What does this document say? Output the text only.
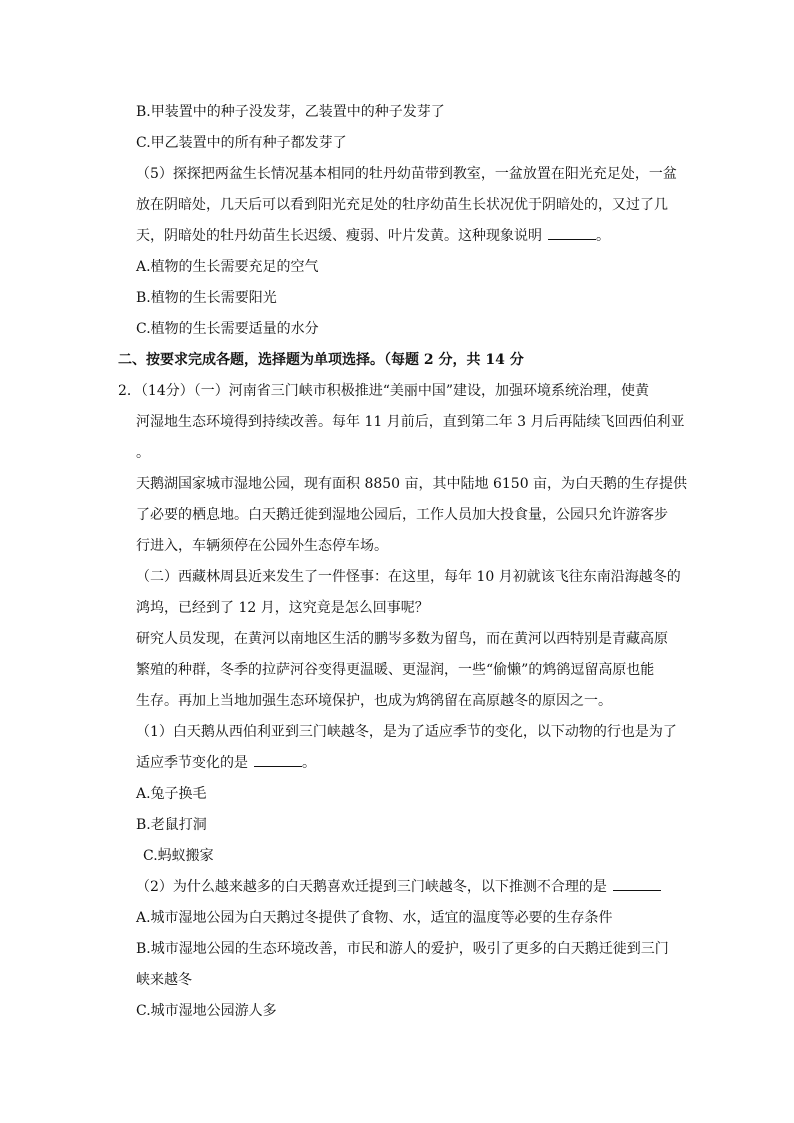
B.甲装置中的种子没发芽，乙装置中的种子发芽了
C.甲乙装置中的所有种子都发芽了
（5）探探把两盆生长情况基本相同的牡丹幼苗带到教室，一盆放置在阳光充足处，一盆
放在阴暗处，几天后可以看到阳光充足处的牡序幼苗生长状况优于阴暗处的，又过了几
天，阴暗处的牡丹幼苗生长迟缓、瘦弱、叶片发黄。这种现象说明	。
A.植物的生长需要充足的空气
B.植物的生长需要阳光
C.植物的生长需要适量的水分
二、按要求完成各题，选择题为单项选择。（每题 2 分，共 14 分
2．（14分）（一）河南省三门峡市积极推进“美丽中国”建设，加强环境系统治理，使黄
河湿地生态环境得到持续改善。每年 11 月前后，直到第二年 3 月后再陆续飞回西伯利亚
。
天鹅湖国家城市湿地公园，现有面积 8850 亩，其中陆地 6150 亩，为白天鹅的生存提供
了必要的栖息地。白天鹅迁徙到湿地公园后，工作人员加大投食量，公园只允许游客步
行进入，车辆须停在公园外生态停车场。
（二）西藏林周县近来发生了一件怪事：在这里，每年 10 月初就该飞往东南沿海越冬的
鸿坞，已经到了 12 月，这究竟是怎么回事呢？
研究人员发现，在黄河以南地区生活的鹏岑多数为留鸟，而在黄河以西特别是青藏高原
繁殖的种群，冬季的拉萨河谷变得更温暖、更湿润，一些“偷懒”的鸩鹆逗留高原也能
生存。再加上当地加强生态环境保护，也成为鸩鹆留在高原越冬的原因之一。
（1）白天鹅从西伯利亚到三门峡越冬，是为了适应季节的变化，以下动物的行也是为了
适应季节变化的是	。
A.兔子换毛
B.老鼠打洞
C.蚂蚁搬家
（2）为什么越来越多的白天鹅喜欢迁提到三门峡越冬，以下推测不合理的是
A.城市湿地公园为白天鹅过冬提供了食物、水，适宜的温度等必要的生存条件
B.城市湿地公园的生态环境改善，市民和游人的爱护，吸引了更多的白天鹅迁徙到三门
峡来越冬
C.城市湿地公园游人多
